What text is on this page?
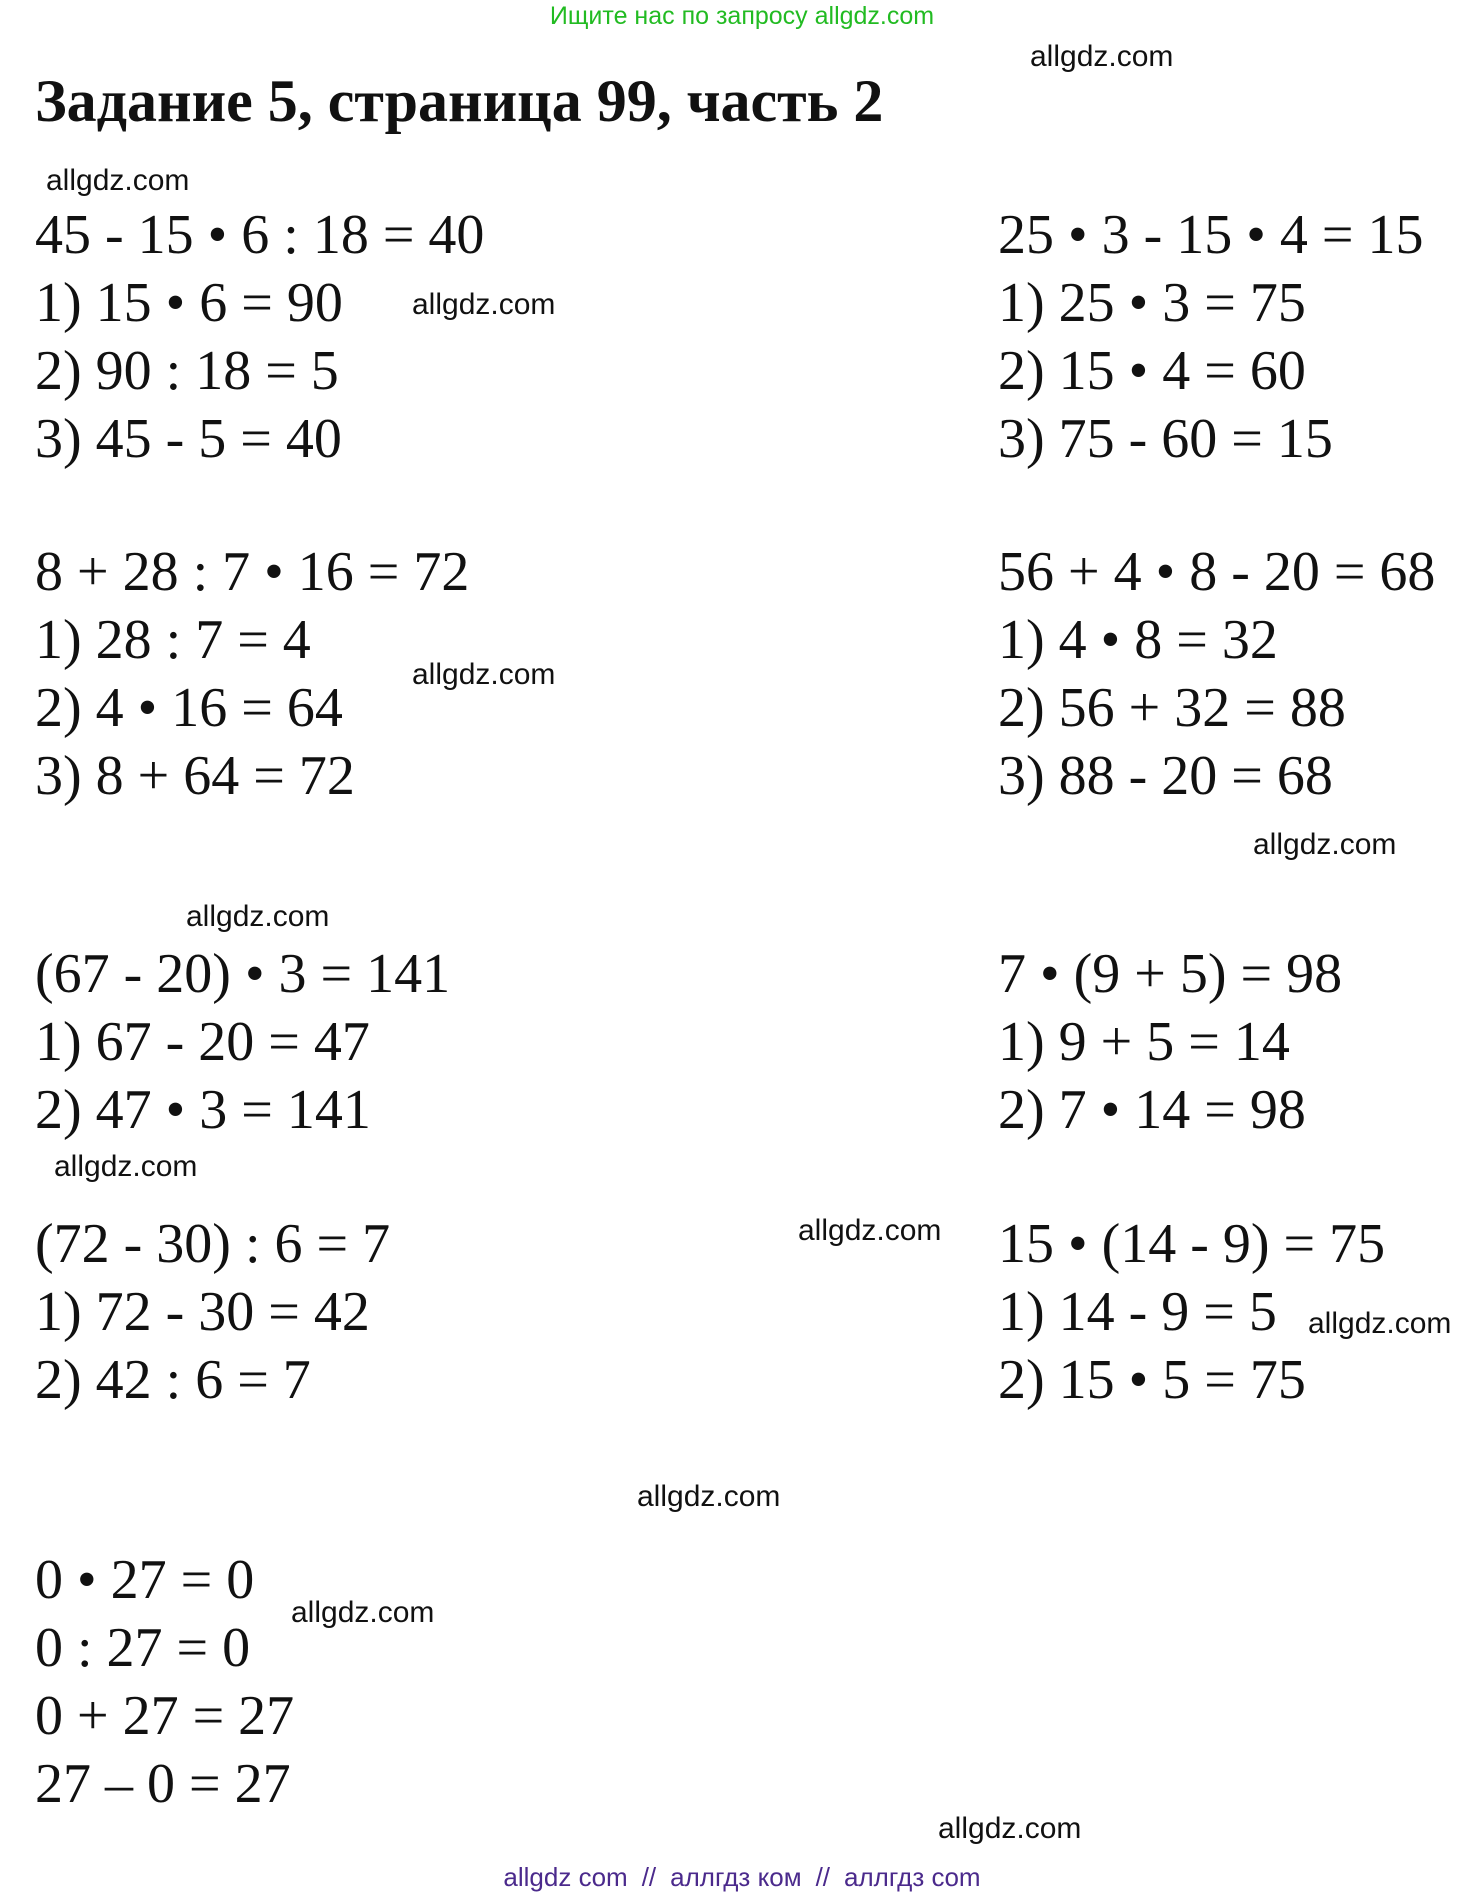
Ищите нас по запросу allgdz.com
Задание 5, страница 99, часть 2
allgdz.com
allgdz.com
allgdz.com
allgdz.com
allgdz.com
allgdz.com
allgdz.com
allgdz.com
allgdz.com
allgdz.com
allgdz.com
allgdz.com
45 - 15 • 6 : 18 = 40
1) 15 • 6 = 90
2) 90 : 18 = 5
3) 45 - 5 = 40
25 • 3 - 15 • 4 = 15
1) 25 • 3 = 75
2) 15 • 4 = 60
3) 75 - 60 = 15
8 + 28 : 7 • 16 = 72
1) 28 : 7 = 4
2) 4 • 16 = 64
3) 8 + 64 = 72
56 + 4 • 8 - 20 = 68
1) 4 • 8 = 32
2) 56 + 32 = 88
3) 88 - 20 = 68
(67 - 20) • 3 = 141
1) 67 - 20 = 47
2) 47 • 3 = 141
7 • (9 + 5) = 98
1) 9 + 5 = 14
2) 7 • 14 = 98
(72 - 30) : 6 = 7
1) 72 - 30 = 42
2) 42 : 6 = 7
15 • (14 - 9) = 75
1) 14 - 9 = 5
2) 15 • 5 = 75
0 • 27 = 0
0 : 27 = 0
0 + 27 = 27
27 – 0 = 27
allgdz com // аллгдз ком // аллгдз com
